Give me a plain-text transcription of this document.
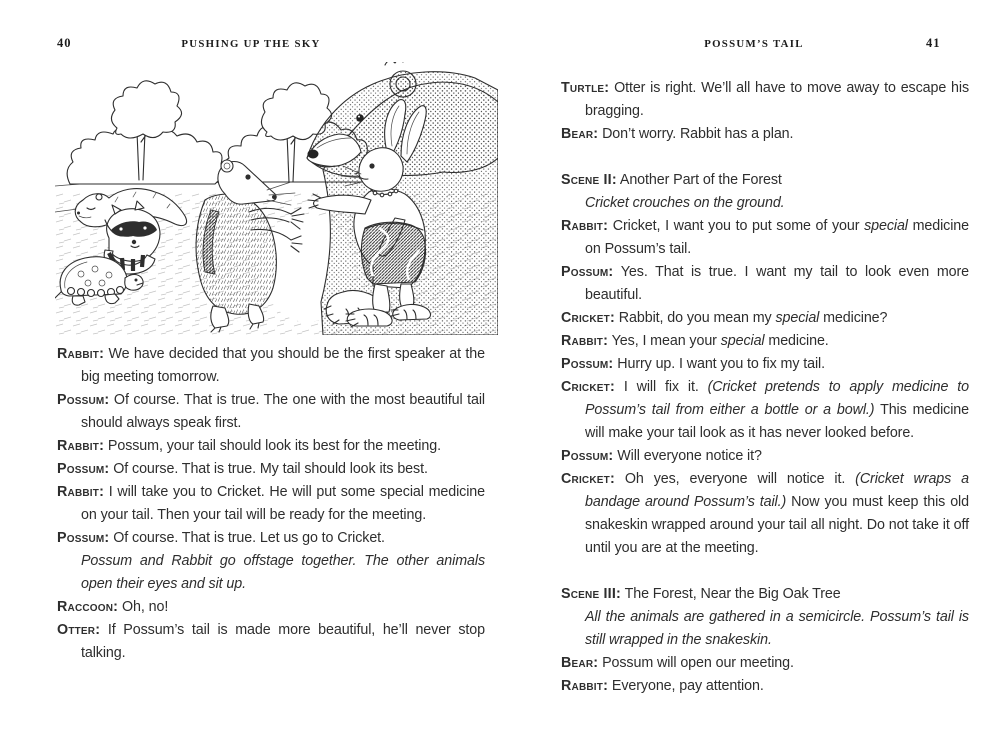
40	PUSHING UP THE SKY	POSSUM’S TAIL	41

Rabbit: We have decided that you should be the first speaker at the big meeting tomorrow.

Possum: Of course. That is true. The one with the most beautiful tail should always speak first.

Rabbit: Possum, your tail should look its best for the meeting.

Possum: Of course. That is true. My tail should look its best.

Rabbit: I will take you to Cricket. He will put some special medicine on your tail. Then your tail will be ready for the meeting.

Possum: Of course. That is true. Let us go to Cricket.

Possum and Rabbit go offstage together. The other animals open their eyes and sit up.

Raccoon: Oh, no!

Otter: If Possum’s tail is made more beautiful, he’ll never stop talking.

Turtle: Otter is right. We’ll all have to move away to escape his bragging.

Bear: Don’t worry. Rabbit has a plan.

Scene II: Another Part of the Forest

Cricket crouches on the ground.

Rabbit: Cricket, I want you to put some of your special medicine on Possum’s tail.

Possum: Yes. That is true. I want my tail to look even more beautiful.

Cricket: Rabbit, do you mean my special medicine?

Rabbit: Yes, I mean your special medicine.

Possum: Hurry up. I want you to fix my tail.

Cricket: I will fix it. (Cricket pretends to apply medicine to Possum’s tail from either a bottle or a bowl.) This medicine will make your tail look as it has never looked before.

Possum: Will everyone notice it?

Cricket: Oh yes, everyone will notice it. (Cricket wraps a bandage around Possum’s tail.) Now you must keep this old snakeskin wrapped around your tail all night. Do not take it off until you are at the meeting.

Scene III: The Forest, Near the Big Oak Tree

All the animals are gathered in a semicircle. Possum’s tail is still wrapped in the snakeskin.

Bear: Possum will open our meeting.

Rabbit: Everyone, pay attention.
